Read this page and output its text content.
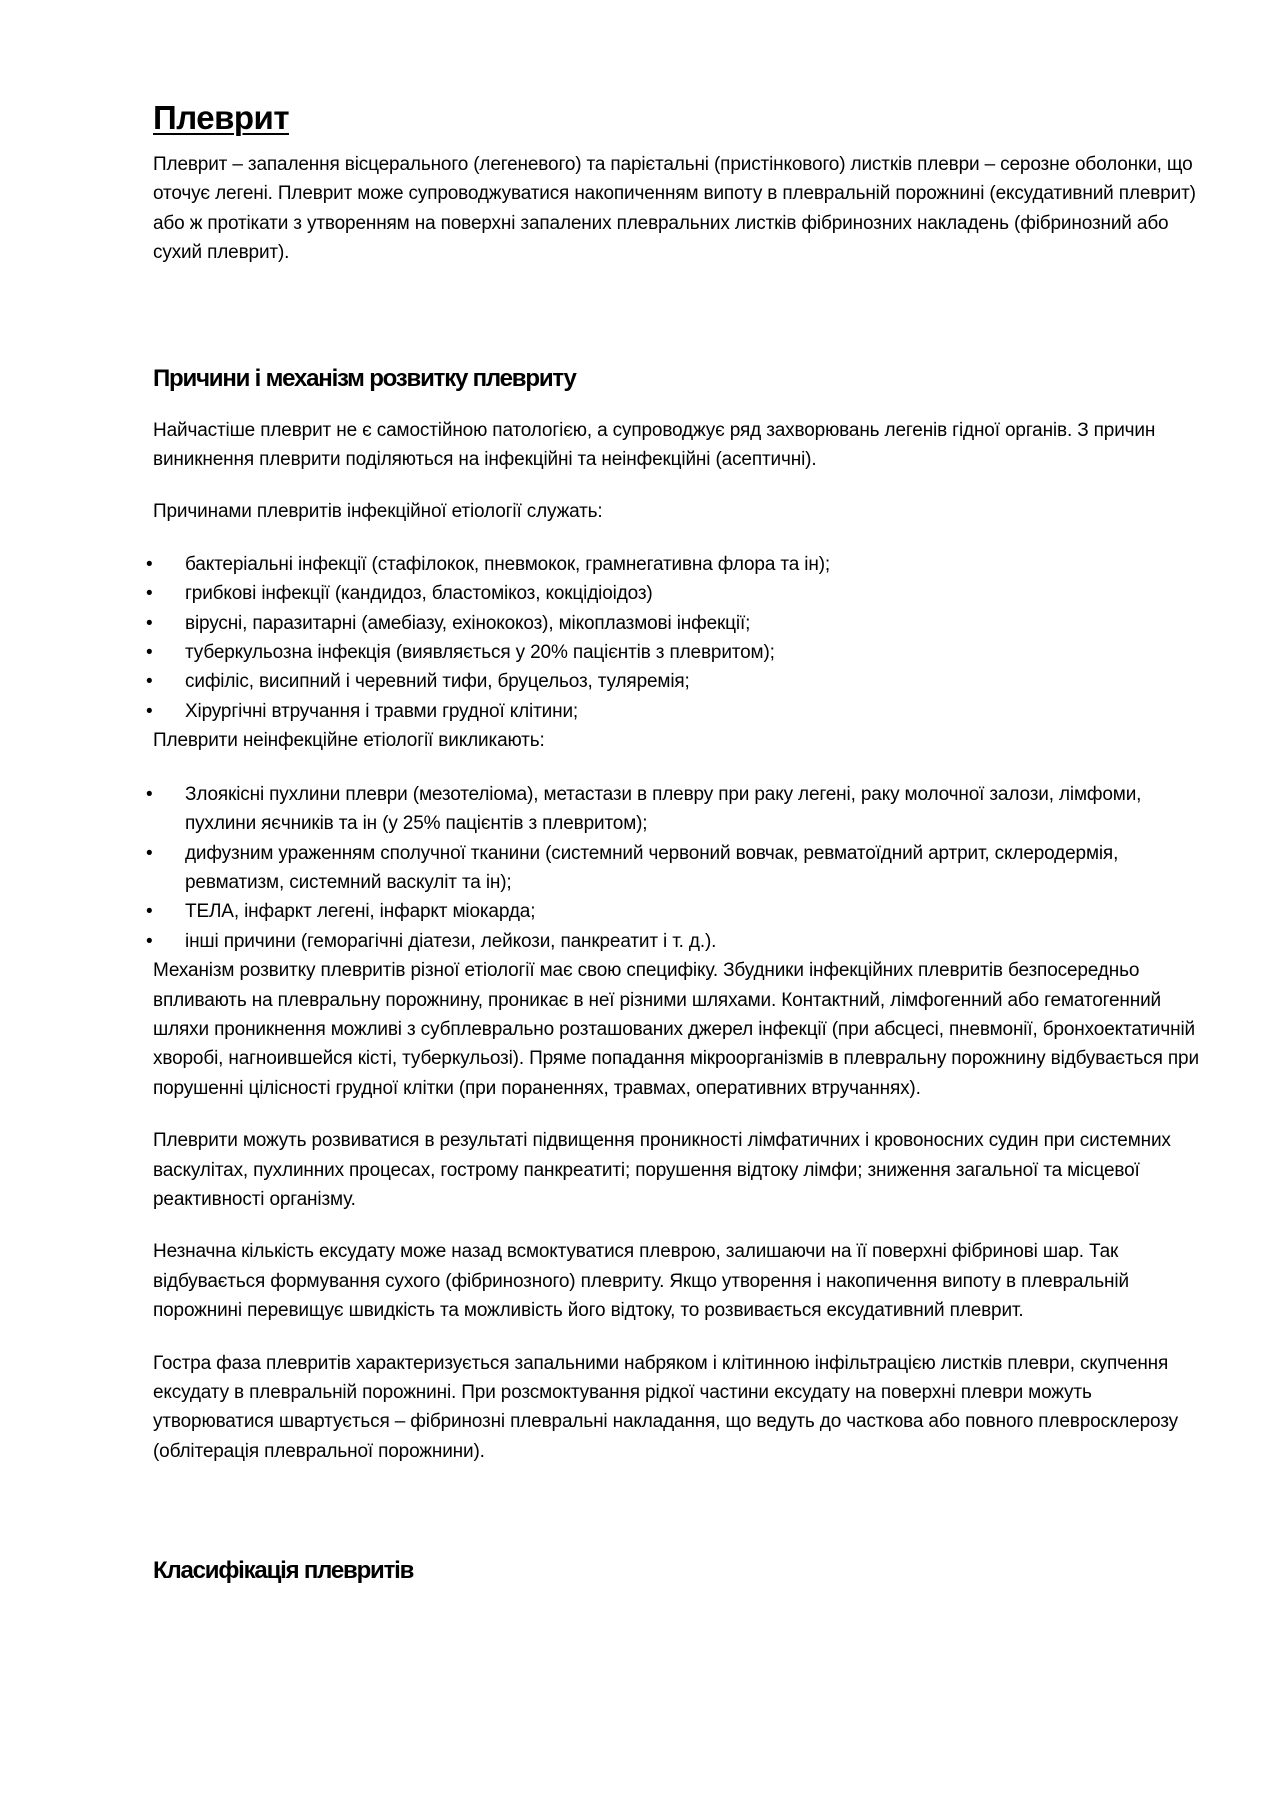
Плеврит

Плеврит – запалення вісцерального (легеневого) та парієтальні (пристінкового) листків плеври – серозне оболонки, що оточує легені. Плеврит може супроводжуватися накопиченням випоту в плевральній порожнині (ексудативний плеврит) або ж протікати з утворенням на поверхні запалених плевральних листків фібринозних накладень (фібринозний або сухий плеврит).

Причини і механізм розвитку плевриту

Найчастіше плеврит не є самостійною патологією, а супроводжує ряд захворювань легенів гідної органів. З причин виникнення плеврити поділяються на інфекційні та неінфекційні (асептичні).

Причинами плевритів інфекційної етіології служать:

• бактеріальні інфекції (стафілокок, пневмокок, грамнегативна флора та ін);
• грибкові інфекції (кандидоз, бластомікоз, кокцідіоідоз)
• вірусні, паразитарні (амебіазу, ехінококоз), мікоплазмові інфекції;
• туберкульозна інфекція (виявляється у 20% пацієнтів з плевритом);
• сифіліс, висипний і черевний тифи, бруцельоз, туляремія;
• Хірургічні втручання і травми грудної клітини;

Плеврити неінфекційне етіології викликають:

• Злоякісні пухлини плеври (мезотеліома), метастази в плевру при раку легені, раку молочної залози, лімфоми, пухлини яєчників та ін (у 25% пацієнтів з плевритом);
• дифузним ураженням сполучної тканини (системний червоний вовчак, ревматоїдний артрит, склеродермія, ревматизм, системний васкуліт та ін);
• ТЕЛА, інфаркт легені, інфаркт міокарда;
• інші причини (геморагічні діатези, лейкози, панкреатит і т. д.).

Механізм розвитку плевритів різної етіології має свою специфіку. Збудники інфекційних плевритів безпосередньо впливають на плевральну порожнину, проникає в неї різними шляхами. Контактний, лімфогенний або гематогенний шляхи проникнення можливі з субплеврально розташованих джерел інфекції (при абсцесі, пневмонії, бронхоектатичній хворобі, нагноившейся кісті, туберкульозі). Пряме попадання мікроорганізмів в плевральну порожнину відбувається при порушенні цілісності грудної клітки (при пораненнях, травмах, оперативних втручаннях).

Плеврити можуть розвиватися в результаті підвищення проникності лімфатичних і кровоносних судин при системних васкулітах, пухлинних процесах, гострому панкреатиті; порушення відтоку лімфи; зниження загальної та місцевої реактивності організму.

Незначна кількість ексудату може назад всмоктуватися плеврою, залишаючи на її поверхні фібринові шар. Так відбувається формування сухого (фібринозного) плевриту. Якщо утворення і накопичення випоту в плевральній порожнині перевищує швидкість та можливість його відтоку, то розвивається ексудативний плеврит.

Гостра фаза плевритів характеризується запальними набряком і клітинною інфільтрацією листків плеври, скупчення ексудату в плевральній порожнині. При розсмоктування рідкої частини ексудату на поверхні плеври можуть утворюватися швартується – фібринозні плевральні накладання, що ведуть до часткова або повного плевросклерозу (облітерація плевральної порожнини).

Класифікація плевритів
